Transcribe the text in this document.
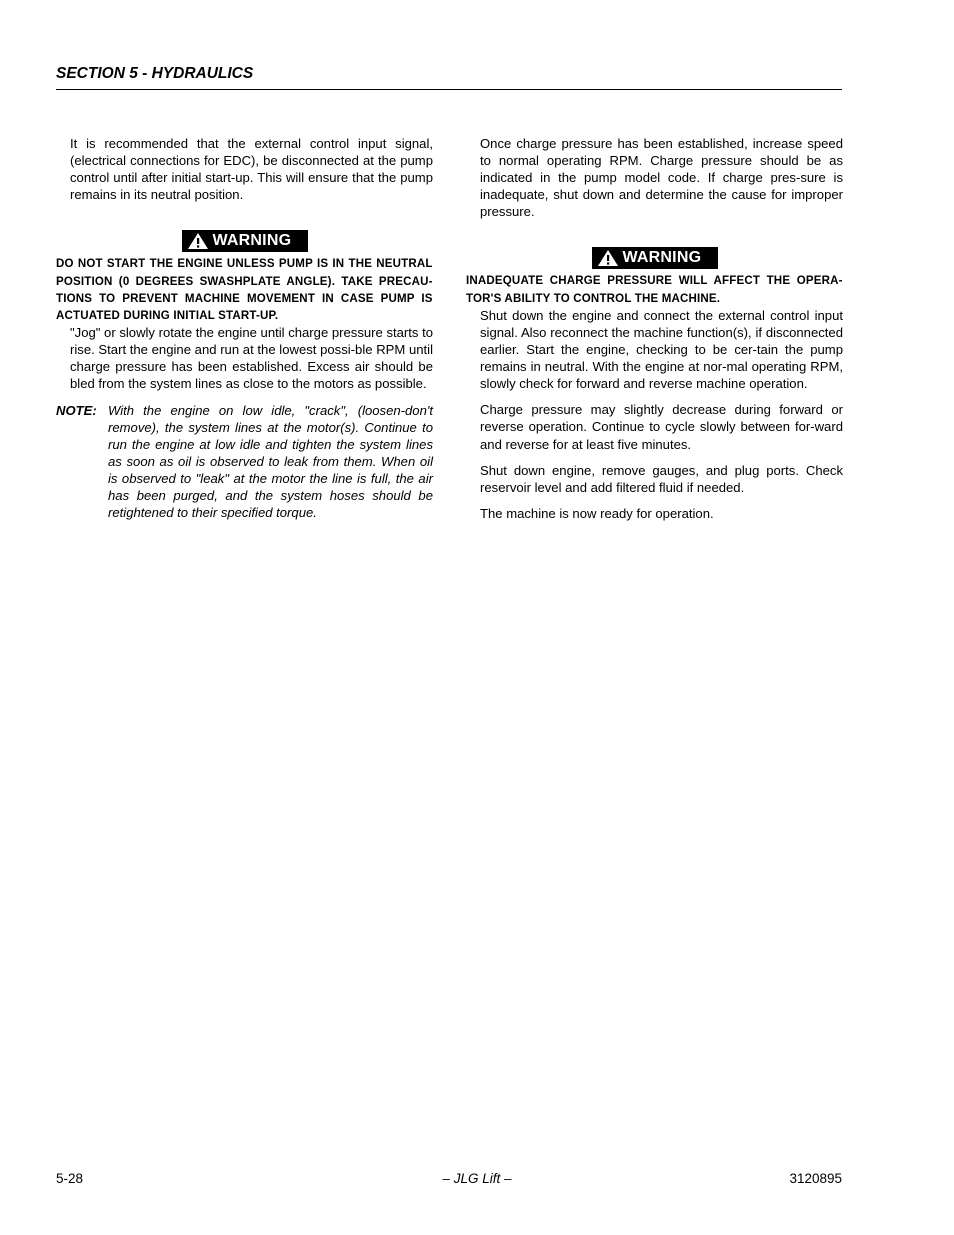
SECTION 5 - HYDRAULICS

It is recommended that the external control input signal, (electrical connections for EDC), be disconnected at the pump control until after initial start-up. This will ensure that the pump remains in its neutral position.

WARNING

DO NOT START THE ENGINE UNLESS PUMP IS IN THE NEUTRAL POSITION (0 DEGREES SWASHPLATE ANGLE). TAKE PRECAU-TIONS TO PREVENT MACHINE MOVEMENT IN CASE PUMP IS ACTUATED DURING INITIAL START-UP.

"Jog" or slowly rotate the engine until charge pressure starts to rise. Start the engine and run at the lowest possi-ble RPM until charge pressure has been established. Excess air should be bled from the system lines as close to the motors as possible.

NOTE: With the engine on low idle, "crack", (loosen-don't remove), the system lines at the motor(s). Continue to run the engine at low idle and tighten the system lines as soon as oil is observed to leak from them. When oil is observed to "leak" at the motor the line is full, the air has been purged, and the system hoses should be retightened to their specified torque.

Once charge pressure has been established, increase speed to normal operating RPM. Charge pressure should be as indicated in the pump model code. If charge pres-sure is inadequate, shut down and determine the cause for improper pressure.

WARNING

INADEQUATE CHARGE PRESSURE WILL AFFECT THE OPERA-TOR'S ABILITY TO CONTROL THE MACHINE.

Shut down the engine and connect the external control input signal. Also reconnect the machine function(s), if disconnected earlier. Start the engine, checking to be cer-tain the pump remains in neutral. With the engine at nor-mal operating RPM, slowly check for forward and reverse machine operation.

Charge pressure may slightly decrease during forward or reverse operation. Continue to cycle slowly between for-ward and reverse for at least five minutes.

Shut down engine, remove gauges, and plug ports. Check reservoir level and add filtered fluid if needed.

The machine is now ready for operation.

5-28	– JLG Lift –	3120895
